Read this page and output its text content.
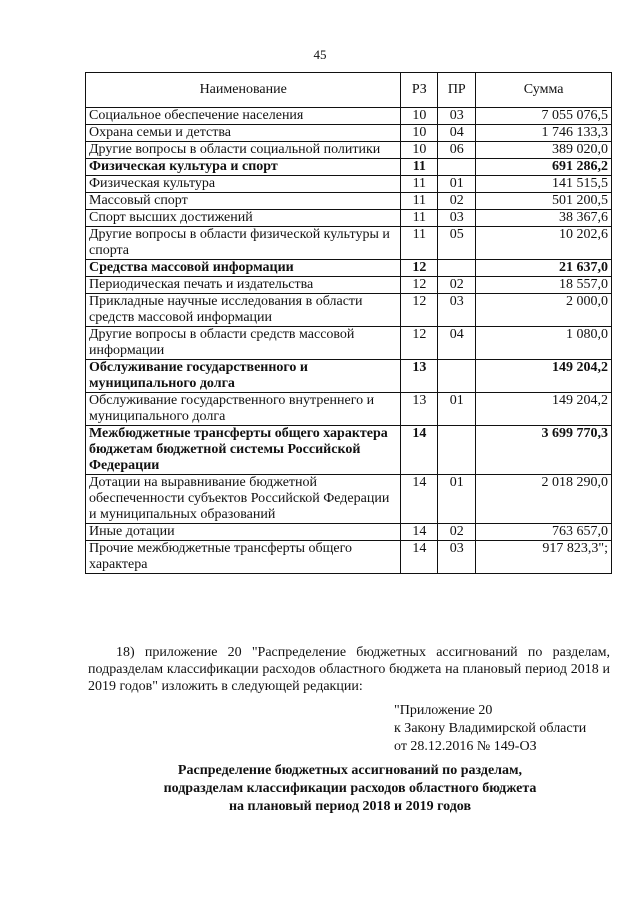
45
Наименование	РЗ	ПР	Сумма
Социальное обеспечение населения	10	03	7 055 076,5
Охрана семьи и детства	10	04	1 746 133,3
Другие вопросы в области социальной политики	10	06	389 020,0
Физическая культура и спорт	11		691 286,2
Физическая культура	11	01	141 515,5
Массовый спорт	11	02	501 200,5
Спорт высших достижений	11	03	38 367,6
Другие вопросы в области физической культуры и спорта	11	05	10 202,6
Средства массовой информации	12		21 637,0
Периодическая печать и издательства	12	02	18 557,0
Прикладные научные исследования в области средств массовой информации	12	03	2 000,0
Другие вопросы в области средств массовой информации	12	04	1 080,0
Обслуживание государственного и муниципального долга	13		149 204,2
Обслуживание государственного внутреннего и муниципального долга	13	01	149 204,2
Межбюджетные трансферты общего характера бюджетам бюджетной системы Российской Федерации	14		3 699 770,3
Дотации на выравнивание бюджетной обеспеченности субъектов Российской Федерации и муниципальных образований	14	01	2 018 290,0
Иные дотации	14	02	763 657,0
Прочие межбюджетные трансферты общего характера	14	03	917 823,3";
18) приложение 20 "Распределение бюджетных ассигнований по разделам, подразделам классификации расходов областного бюджета на плановый период 2018 и 2019 годов" изложить в следующей редакции:
"Приложение 20
к Закону Владимирской области
от 28.12.2016 № 149-ОЗ
Распределение бюджетных ассигнований по разделам,
подразделам классификации расходов областного бюджета
на плановый период 2018 и 2019 годов
